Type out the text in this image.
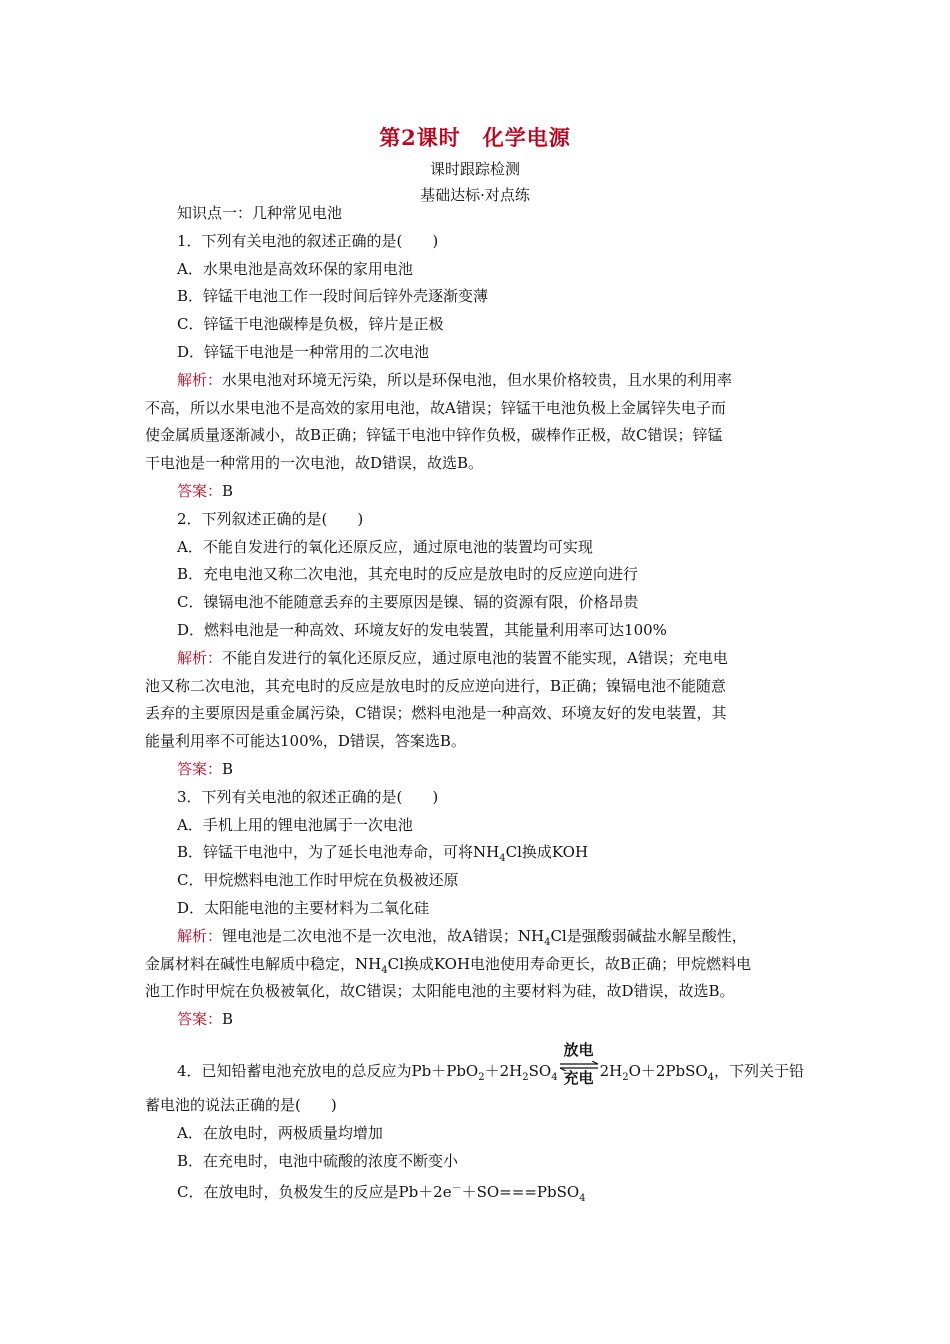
第2课时　化学电源
课时跟踪检测
基础达标·对点练
知识点一：几种常见电池
1．下列有关电池的叙述正确的是(　　)
A．水果电池是高效环保的家用电池
B．锌锰干电池工作一段时间后锌外壳逐渐变薄
C．锌锰干电池碳棒是负极，锌片是正极
D．锌锰干电池是一种常用的二次电池
解析：水果电池对环境无污染，所以是环保电池，但水果价格较贵，且水果的利用率
不高，所以水果电池不是高效的家用电池，故A错误；锌锰干电池负极上金属锌失电子而
使金属质量逐渐减小，故B正确；锌锰干电池中锌作负极，碳棒作正极，故C错误；锌锰
干电池是一种常用的一次电池，故D错误，故选B。
答案：B
2．下列叙述正确的是(　　)
A．不能自发进行的氧化还原反应，通过原电池的装置均可实现
B．充电电池又称二次电池，其充电时的反应是放电时的反应逆向进行
C．镍镉电池不能随意丢弃的主要原因是镍、镉的资源有限，价格昂贵
D．燃料电池是一种高效、环境友好的发电装置，其能量利用率可达100%
解析：不能自发进行的氧化还原反应，通过原电池的装置不能实现，A错误；充电电
池又称二次电池，其充电时的反应是放电时的反应逆向进行，B正确；镍镉电池不能随意
丢弃的主要原因是重金属污染，C错误；燃料电池是一种高效、环境友好的发电装置，其
能量利用率不可能达100%，D错误，答案选B。
答案：B
3．下列有关电池的叙述正确的是(　　)
A．手机上用的锂电池属于一次电池
B．锌锰干电池中，为了延长电池寿命，可将$NH_4Cl$换成KOH
C．甲烷燃料电池工作时甲烷在负极被还原
D．太阳能电池的主要材料为二氧化硅
解析：锂电池是二次电池不是一次电池，故A错误；$NH_4Cl$是强酸弱碱盐水解呈酸性，
金属材料在碱性电解质中稳定，$NH_4Cl$换成KOH电池使用寿命更长，故B正确；甲烷燃料电
池工作时甲烷在负极被氧化，故C错误；太阳能电池的主要材料为硅，故D错误，故选B。
答案：B
4．已知铅蓄电池充放电的总反应为$Pb+PbO_2+2H_2SO_4$
放电
充电 $2H_2O+2PbSO_4$，下列关于铅
蓄电池的说法正确的是(　　)
A．在放电时，两极质量均增加
B．在充电时，电池中硫酸的浓度不断变小
C．在放电时，负极发生的反应是Pb＋2e－＋SO===PbSO$_4$
